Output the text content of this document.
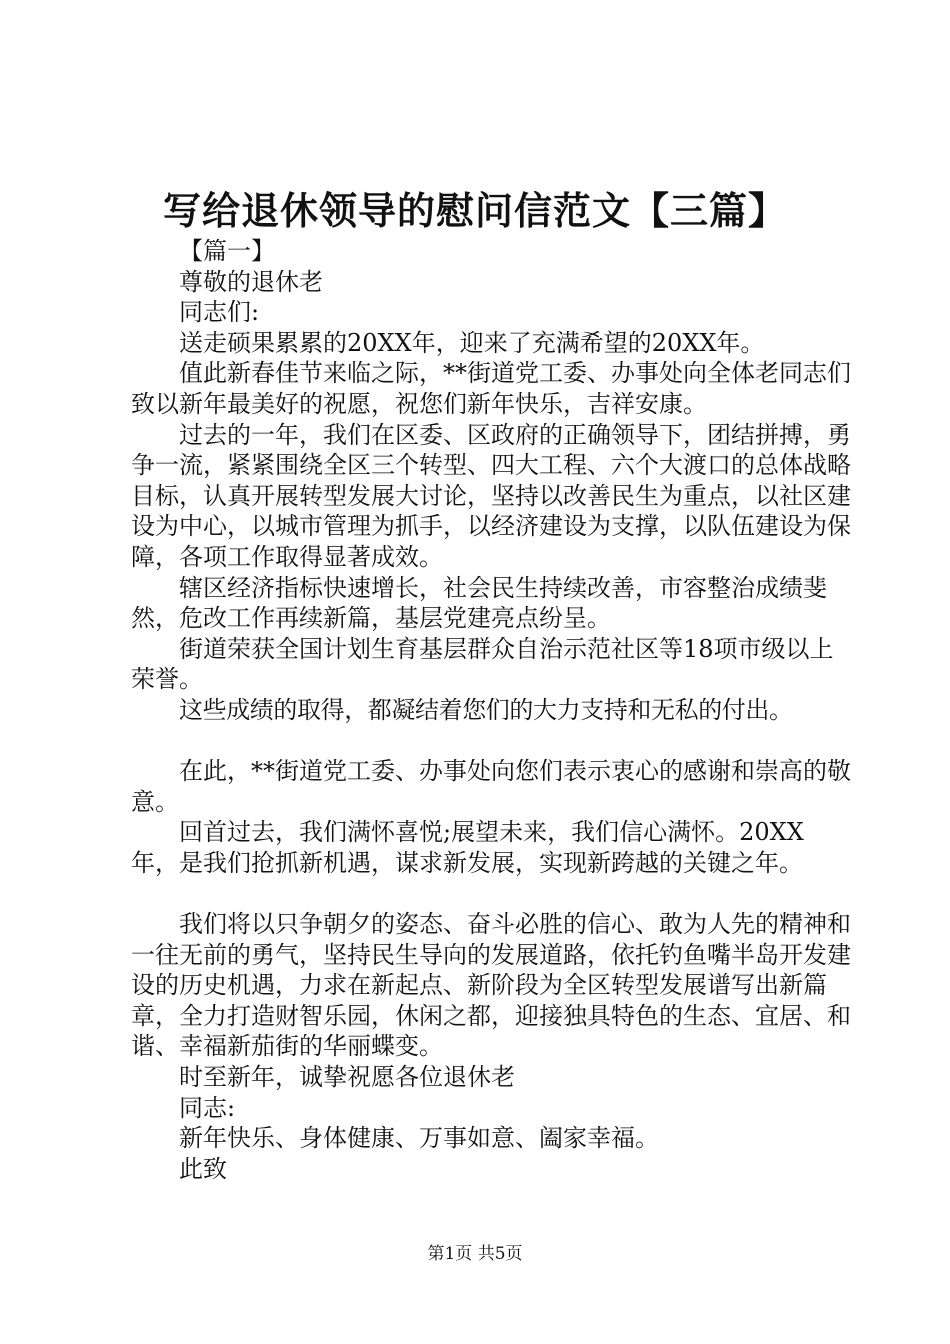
写给退休领导的慰问信范文【三篇】

【篇一】

尊敬的退休老

同志们:

送走硕果累累的20XX年，迎来了充满希望的20XX年。

值此新春佳节来临之际，**街道党工委、办事处向全体老同志们致以新年最美好的祝愿，祝您们新年快乐，吉祥安康。

过去的一年，我们在区委、区政府的正确领导下，团结拼搏，勇争一流，紧紧围绕全区三个转型、四大工程、六个大渡口的总体战略目标，认真开展转型发展大讨论，坚持以改善民生为重点，以社区建设为中心，以城市管理为抓手，以经济建设为支撑，以队伍建设为保障，各项工作取得显著成效。

辖区经济指标快速增长，社会民生持续改善，市容整治成绩斐然，危改工作再续新篇，基层党建亮点纷呈。

街道荣获全国计划生育基层群众自治示范社区等18项市级以上荣誉。

这些成绩的取得，都凝结着您们的大力支持和无私的付出。

在此，**街道党工委、办事处向您们表示衷心的感谢和崇高的敬意。

回首过去，我们满怀喜悦;展望未来，我们信心满怀。20XX年，是我们抢抓新机遇，谋求新发展，实现新跨越的关键之年。

我们将以只争朝夕的姿态、奋斗必胜的信心、敢为人先的精神和一往无前的勇气，坚持民生导向的发展道路，依托钓鱼嘴半岛开发建设的历史机遇，力求在新起点、新阶段为全区转型发展谱写出新篇章，全力打造财智乐园，休闲之都，迎接独具特色的生态、宜居、和谐、幸福新茄街的华丽蝶变。

时至新年，诚挚祝愿各位退休老

同志:

新年快乐、身体健康、万事如意、阖家幸福。

此致

第1页 共5页
